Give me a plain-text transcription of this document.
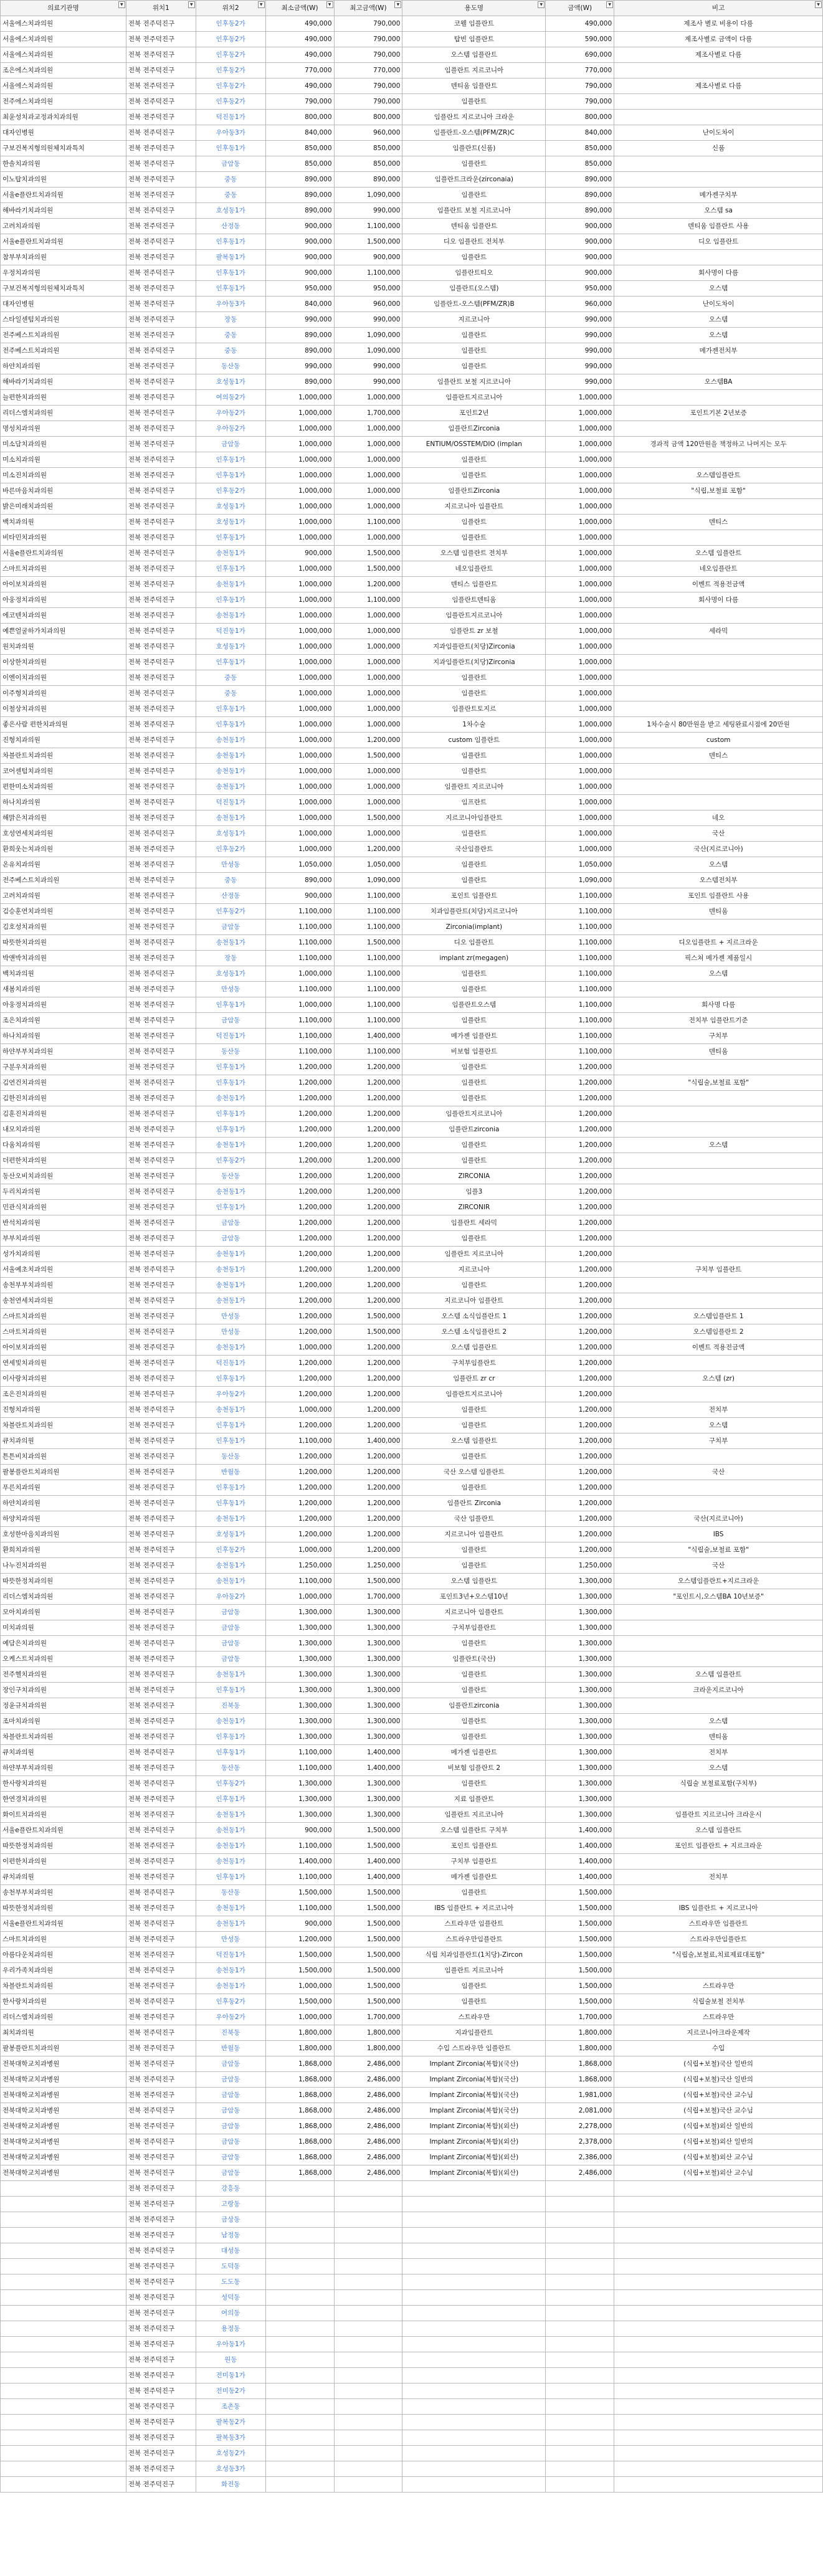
의료기관명 ▼	위치1 ▼	위치2 ▼	최소금액(W) ▼	최고금액(W) ▼	용도명 ▼	금액(W) ▼	비고 ▼

서울에스치과의원	전북 전주덕진구	인후동2가	490,000	790,000	코웰 임플란트	490,000	제조사 별로 비용이 다름
서울에스치과의원	전북 전주덕진구	인후동2가	490,000	790,000	탑빈 임플란트	590,000	제조사별로 금액이 다름
서울에스치과의원	전북 전주덕진구	인후동2가	490,000	790,000	오스템 임플란트	690,000	제조사별로 다름
조은에스치과의원	전북 전주덕진구	인후동2가	770,000	770,000	임플란트 지르코니아	770,000	
서울에스치과의원	전북 전주덕진구	인후동2가	490,000	790,000	덴티움 임플란트	790,000	제조사별로 다름
전주에스치과의원	전북 전주덕진구	인후동2가	790,000	790,000	임플란트	790,000	
최윤성치과교정과치과의원	전북 전주덕진구	덕진동1가	800,000	800,000	임플란트 지르코니아 크라운	800,000	
대자인병원	전북 전주덕진구	우아동3가	840,000	960,000	임플란트-오스템(PFM/ZR)C	840,000	난이도차이
구보건복지형의원체치과특치	전북 전주덕진구	인후동1가	850,000	850,000	임플란트(신품)	850,000	신품
한솔치과의원	전북 전주덕진구	금암동	850,000	850,000	임플란트	850,000	
이노탑치과의원	전북 전주덕진구	중동	890,000	890,000	임플란트크라운(zirconaia)	890,000	
서울e플란트치과의원	전북 전주덕진구	중동	890,000	1,090,000	임플란트	890,000	메가젠구치부
해바라기치과의원	전북 전주덕진구	호성동1가	890,000	990,000	임플란트 보철 지르코니아	890,000	오스템 sa
고려치과의원	전북 전주덕진구	산정동	900,000	1,100,000	덴티움 임플란트	900,000	덴티움 임플란트 사용
서울e플란트치과의원	전북 전주덕진구	인후동1가	900,000	1,500,000	디오 임플란트 전치부	900,000	디오 임플란트
참부부치과의원	전북 전주덕진구	팔복동1가	900,000	900,000	임플란트	900,000	
우정치과의원	전북 전주덕진구	인후동1가	900,000	1,100,000	임플란트티오	900,000	회사명이 다름
구보건복지형의원체치과특치	전북 전주덕진구	인후동1가	950,000	950,000	임플란트(오스템)	950,000	오스템
대자인병원	전북 전주덕진구	우아동3가	840,000	960,000	임플란트-오스템(PFM/ZR)B	960,000	난이도차이
스타일센텀치과의원	전북 전주덕진구	장동	990,000	990,000	지르코니아	990,000	오스템
전주베스트치과의원	전북 전주덕진구	중동	890,000	1,090,000	임플란트	990,000	오스템
전주베스트치과의원	전북 전주덕진구	중동	890,000	1,090,000	임플란트	990,000	메가젠전치부
하얀치과의원	전북 전주덕진구	동산동	990,000	990,000	임플란트	990,000	
해바라기치과의원	전북 전주덕진구	호성동1가	890,000	990,000	임플란트 보철 지르코니아	990,000	오스템BA
늘편한치과의원	전북 전주덕진구	여의동2가	1,000,000	1,000,000	임플란트지르코니아	1,000,000	
리더스엠치과의원	전북 전주덕진구	우아동2가	1,000,000	1,700,000	포인트2년	1,000,000	포인트기본 2년보증
명성치과의원	전북 전주덕진구	우아동2가	1,000,000	1,000,000	임플란트Zirconia	1,000,000	
미소담치과의원	전북 전주덕진구	금암동	1,000,000	1,000,000	ENTIUM/OSSTEM/DIO (implan	1,000,000	경과적 금액 120만원을 책정하고 나머지는 모두
미소치과의원	전북 전주덕진구	인후동1가	1,000,000	1,000,000	임플란트	1,000,000	
미소진치과의원	전북 전주덕진구	인후동1가	1,000,000	1,000,000	임플란트	1,000,000	오스템임플란트
바른마음치과의원	전북 전주덕진구	인후동2가	1,000,000	1,000,000	임플란트Zirconia	1,000,000	"식립,보철료 포함"
밝은미래치과의원	전북 전주덕진구	호성동1가	1,000,000	1,000,000	지르코니아 임플란트	1,000,000	
백치과의원	전북 전주덕진구	호성동1가	1,000,000	1,100,000	임플란트	1,000,000	덴티스
비타민치과의원	전북 전주덕진구	인후동1가	1,000,000	1,000,000	임플란트	1,000,000	
서울e플란트치과의원	전북 전주덕진구	송천동1가	900,000	1,500,000	오스템 임플란트 전치부	1,000,000	오스템 임플란트
스마트치과의원	전북 전주덕진구	인후동1가	1,000,000	1,500,000	네오임플란트	1,000,000	네오임플란트
아이보치과의원	전북 전주덕진구	송천동1가	1,000,000	1,200,000	덴티스 임플란트	1,000,000	이벤트 적용전금액
아웅정치과의원	전북 전주덕진구	인후동1가	1,000,000	1,100,000	임플란트덴티움	1,000,000	회사명이 다름
에코텐치과의원	전북 전주덕진구	송천동1가	1,000,000	1,000,000	임플란트지르코니아	1,000,000	
예쁜얼굴하가치과의원	전북 전주덕진구	덕진동1가	1,000,000	1,000,000	임플란트 zr 보철	1,000,000	세라믹
원치과의원	전북 전주덕진구	호성동1가	1,000,000	1,000,000	지과임플란트(치당)Zirconia	1,000,000	
이상한치과의원	전북 전주덕진구	인후동1가	1,000,000	1,000,000	지과임플란트(치당)Zirconia	1,000,000	
이엔이치과의원	전북 전주덕진구	중동	1,000,000	1,000,000	임플란트	1,000,000	
이주형치과의원	전북 전주덕진구	중동	1,000,000	1,000,000	임플란트	1,000,000	
이철상치과의원	전북 전주덕진구	인후동1가	1,000,000	1,000,000	임플란트토지르	1,000,000	
좋은사람 편한치과의원	전북 전주덕진구	인후동1가	1,000,000	1,000,000	1차수술	1,000,000	1차수술시 80만원을 받고 세팅완료시점에 20만원
진형치과의원	전북 전주덕진구	송천동1가	1,000,000	1,200,000	custom 임플란트	1,000,000	custom
차블란트치과의원	전북 전주덕진구	송천동1가	1,000,000	1,500,000	임플란트	1,000,000	덴티스
코어센텀치과의원	전북 전주덕진구	송천동1가	1,000,000	1,000,000	임플란트	1,000,000	
편한미소치과의원	전북 전주덕진구	송천동1가	1,000,000	1,000,000	임플란트 지르코니아	1,000,000	
하나치과의원	전북 전주덕진구	덕진동1가	1,000,000	1,000,000	임프란트	1,000,000	
해맑은치과의원	전북 전주덕진구	송천동1가	1,000,000	1,500,000	지르코니아임플란트	1,000,000	네오
호성연세치과의원	전북 전주덕진구	호성동1가	1,000,000	1,000,000	임플란트	1,000,000	국산
환희웃는치과의원	전북 전주덕진구	인후동2가	1,000,000	1,200,000	국산임플란트	1,000,000	국산(지르코니아)
온유치과의원	전북 전주덕진구	만성동	1,050,000	1,050,000	임플란트	1,050,000	오스템
전주베스트치과의원	전북 전주덕진구	중동	890,000	1,090,000	임플란트	1,090,000	오스템전치부
고려치과의원	전북 전주덕진구	산정동	900,000	1,100,000	포인트 임플란트	1,100,000	포인트 임플란트 사용
김승훈연치과의원	전북 전주덕진구	인후동2가	1,100,000	1,100,000	치과임플란트(치당)지르코니아	1,100,000	덴티움
김호성치과의원	전북 전주덕진구	금암동	1,100,000	1,100,000	Zirconia(implant)	1,100,000	
따뜻한치과의원	전북 전주덕진구	송천동1가	1,100,000	1,500,000	디오 임플란트	1,100,000	디오임플란트 + 지르크라운
박앤박치과의원	전북 전주덕진구	장동	1,100,000	1,100,000	implant zr(megagen)	1,100,000	픽스쳐 메가젠 제품일시
백치과의원	전북 전주덕진구	호성동1가	1,000,000	1,100,000	임플란트	1,100,000	오스템
새봄치과의원	전북 전주덕진구	만성동	1,100,000	1,100,000	임플란트	1,100,000	
아웅정치과의원	전북 전주덕진구	인후동1가	1,000,000	1,100,000	임플란트오스템	1,100,000	회사명 다름
조은치과의원	전북 전주덕진구	금암동	1,100,000	1,100,000	임플란트	1,100,000	전치부 임플란트기준
하나치과의원	전북 전주덕진구	덕진동1가	1,100,000	1,400,000	메가젠 임플란트	1,100,000	구치부
하얀부부치과의원	전북 전주덕진구	동산동	1,100,000	1,100,000	비보험 임플란트	1,100,000	덴티움
구분우치과의원	전북 전주덕진구	인후동1가	1,200,000	1,200,000	임플란트	1,200,000	
김연건치과의원	전북 전주덕진구	인후동1가	1,200,000	1,200,000	임플란트	1,200,000	"식립술,보철료 포함"
김한진치과의원	전북 전주덕진구	송천동1가	1,200,000	1,200,000	임플란트	1,200,000	
김훈진치과의원	전북 전주덕진구	인후동1가	1,200,000	1,200,000	임플란트지르코니아	1,200,000	
내모치과의원	전북 전주덕진구	인후동1가	1,200,000	1,200,000	임플란트zirconia	1,200,000	
다움치과의원	전북 전주덕진구	송천동1가	1,200,000	1,200,000	임플란트	1,200,000	오스템
더편한치과의원	전북 전주덕진구	인후동2가	1,200,000	1,200,000	임플란트	1,200,000	
동산오비치과의원	전북 전주덕진구	동산동	1,200,000	1,200,000	ZIRCONIA	1,200,000	
두리치과의원	전북 전주덕진구	송천동1가	1,200,000	1,200,000	임플3	1,200,000	
민관식치과의원	전북 전주덕진구	인후동1가	1,200,000	1,200,000	ZIRCONIR	1,200,000	
반석치과의원	전북 전주덕진구	금암동	1,200,000	1,200,000	임플란트 세라믹	1,200,000	
부부치과의원	전북 전주덕진구	금암동	1,200,000	1,200,000	임플란트	1,200,000	
성가치과의원	전북 전주덕진구	송천동1가	1,200,000	1,200,000	임플란트 지르코니아	1,200,000	
서울예초치과의원	전북 전주덕진구	송천동1가	1,200,000	1,200,000	지르코니아	1,200,000	구치부 임플란트
송천부부치과의원	전북 전주덕진구	송천동1가	1,200,000	1,200,000	임플란트	1,200,000	
송천연세치과의원	전북 전주덕진구	송천동1가	1,200,000	1,200,000	지르코니아 임플란트	1,200,000	
스마트치과의원	전북 전주덕진구	만성동	1,200,000	1,500,000	오스템 소식임플란트 1	1,200,000	오스템임플란트 1
스마트치과의원	전북 전주덕진구	만성동	1,200,000	1,500,000	오스템 소식임플란트 2	1,200,000	오스템임플란트 2
아이보치과의원	전북 전주덕진구	송천동1가	1,000,000	1,200,000	오스템 임플란트	1,200,000	이벤트 적용전금액
연세빛치과의원	전북 전주덕진구	덕진동1가	1,200,000	1,200,000	구치부임플란트	1,200,000	
이사랑치과의원	전북 전주덕진구	인후동1가	1,200,000	1,200,000	임플란트 zr cr	1,200,000	오스템 (zr)
조은진치과의원	전북 전주덕진구	우아동2가	1,200,000	1,200,000	임플란트지르코니아	1,200,000	
진형치과의원	전북 전주덕진구	송천동1가	1,000,000	1,200,000	임플란트	1,200,000	전치부
차블란트치과의원	전북 전주덕진구	인후동1가	1,200,000	1,200,000	임플란트	1,200,000	오스템
큐치과의원	전북 전주덕진구	인후동1가	1,100,000	1,400,000	오스템 임플란트	1,200,000	구치부
튼튼비치과의원	전북 전주덕진구	동산동	1,200,000	1,200,000	임플란트	1,200,000	
팔봉플란트치과의원	전북 전주덕진구	반월동	1,200,000	1,200,000	국산 오스템 임플란트	1,200,000	국산
푸른치과의원	전북 전주덕진구	인후동1가	1,200,000	1,200,000	임플란트	1,200,000	
하얀치과의원	전북 전주덕진구	인후동1가	1,200,000	1,200,000	임플란트 Zirconia	1,200,000	
하양치과의원	전북 전주덕진구	송천동1가	1,200,000	1,200,000	국산 임플란트	1,200,000	국산(지르코니아)
호성한마음치과의원	전북 전주덕진구	호성동1가	1,200,000	1,200,000	지르코니아 임플란트	1,200,000	IBS
환희치과의원	전북 전주덕진구	인후동2가	1,000,000	1,200,000	임플란트	1,200,000	"식립술,보철료 포함"
나누진치과의원	전북 전주덕진구	송천동1가	1,250,000	1,250,000	임플란트	1,250,000	국산
따뜻한정치과의원	전북 전주덕진구	송천동1가	1,100,000	1,500,000	오스템 임플란트	1,300,000	오스템임플란트+지르크라운
리더스엠치과의원	전북 전주덕진구	우아동2가	1,000,000	1,700,000	포인트3년+오스템10년	1,300,000	"포인트시,오스템BA 10년보증"
모아치과의원	전북 전주덕진구	금암동	1,300,000	1,300,000	지르코니아 임플란트	1,300,000	
미치과의원	전북 전주덕진구	금암동	1,300,000	1,300,000	구치부임플란트	1,300,000	
예담은치과의원	전북 전주덕진구	금암동	1,300,000	1,300,000	임플란트	1,300,000	
오케스트치과의원	전북 전주덕진구	금암동	1,300,000	1,300,000	임플란트(국산)	1,300,000	
전주헬치과의원	전북 전주덕진구	송천동1가	1,300,000	1,300,000	임플란트	1,300,000	오스템 임플란트
장인구치과의원	전북 전주덕진구	인후동1가	1,300,000	1,300,000	임플란트	1,300,000	크라운지르코니아
정윤규치과의원	전북 전주덕진구	진북동	1,300,000	1,300,000	임플란트zirconia	1,300,000	
조마치과의원	전북 전주덕진구	송천동1가	1,300,000	1,300,000	임플란트	1,300,000	오스템
차블란트치과의원	전북 전주덕진구	인후동1가	1,300,000	1,300,000	임플란트	1,300,000	덴티움
큐치과의원	전북 전주덕진구	인후동1가	1,100,000	1,400,000	메가젠 임플란트	1,300,000	전치부
하얀부부치과의원	전북 전주덕진구	동산동	1,100,000	1,400,000	비보험 임플란트 2	1,300,000	오스템
한사랑치과의원	전북 전주덕진구	인후동2가	1,300,000	1,300,000	임플란트	1,300,000	식립술 보철료포함(구치부)
한연경치과의원	전북 전주덕진구	인후동1가	1,300,000	1,300,000	지료 임플란트	1,300,000	
화이트치과의원	전북 전주덕진구	송천동1가	1,300,000	1,300,000	임플란트 지르코니아	1,300,000	임플란트 지르코니아 크라운시
서울e플란트치과의원	전북 전주덕진구	송천동1가	900,000	1,500,000	오스템 임플란트 구치부	1,400,000	오스템 임플란트
따뜻한정치과의원	전북 전주덕진구	송천동1가	1,100,000	1,500,000	포인트 임플란트	1,400,000	포인트 임플란트 + 지르크라운
이편한치과의원	전북 전주덕진구	송천동1가	1,400,000	1,400,000	구치부 임플란트	1,400,000	
큐치과의원	전북 전주덕진구	인후동1가	1,100,000	1,400,000	메가젠 임플란트	1,400,000	전치부
송천부부치과의원	전북 전주덕진구	동산동	1,500,000	1,500,000	임플란트	1,500,000	
따뜻한정치과의원	전북 전주덕진구	송천동1가	1,100,000	1,500,000	IBS 임플란트 + 지르코니아	1,500,000	IBS 임플란트 + 지르코니아
서울e플란트치과의원	전북 전주덕진구	송천동1가	900,000	1,500,000	스트라우만 임플란트	1,500,000	스트라우만 임플란트
스마트치과의원	전북 전주덕진구	만성동	1,200,000	1,500,000	스트라우만임플란트	1,500,000	스트라우만임플란트
아름다운치과의원	전북 전주덕진구	덕진동1가	1,500,000	1,500,000	식립 치과임플란트(1치당)-Zircon	1,500,000	"식립술,보철료,치료제료대포함"
우리가족치과의원	전북 전주덕진구	송천동1가	1,500,000	1,500,000	임플란트 지르코니아	1,500,000	
차블란트치과의원	전북 전주덕진구	송천동1가	1,000,000	1,500,000	임플란트	1,500,000	스트라우만
한사랑치과의원	전북 전주덕진구	인후동2가	1,500,000	1,500,000	임플란트	1,500,000	식립술보철 전치부
리더스엠치과의원	전북 전주덕진구	우아동2가	1,000,000	1,700,000	스트라우만	1,700,000	스트라우만
최치과의원	전북 전주덕진구	진북동	1,800,000	1,800,000	지과임플란트	1,800,000	지르코니아크라운제작
팔봉플란트치과의원	전북 전주덕진구	반월동	1,800,000	1,800,000	수입 스트라우만 임플란트	1,800,000	수입
전북대학교치과병원	전북 전주덕진구	금암동	1,868,000	2,486,000	Implant Zirconia(복합)(국산)	1,868,000	(식립+보철)국산 일반의
전북대학교치과병원	전북 전주덕진구	금암동	1,868,000	2,486,000	Implant Zirconia(복합)(국산)	1,868,000	(식립+보철)국산 일반의
전북대학교치과병원	전북 전주덕진구	금암동	1,868,000	2,486,000	Implant Zirconia(복합)(국산)	1,981,000	(식립+보철)국산 교수님
전북대학교치과병원	전북 전주덕진구	금암동	1,868,000	2,486,000	Implant Zirconia(복합)(국산)	2,081,000	(식립+보철)국산 교수님
전북대학교치과병원	전북 전주덕진구	금암동	1,868,000	2,486,000	Implant Zirconia(복합)(외산)	2,278,000	(식립+보철)외산 일반의
전북대학교치과병원	전북 전주덕진구	금암동	1,868,000	2,486,000	Implant Zirconia(복합)(외산)	2,378,000	(식립+보철)외산 일반의
전북대학교치과병원	전북 전주덕진구	금암동	1,868,000	2,486,000	Implant Zirconia(복합)(외산)	2,386,000	(식립+보철)외산 교수님
전북대학교치과병원	전북 전주덕진구	금암동	1,868,000	2,486,000	Implant Zirconia(복합)(외산)	2,486,000	(식립+보철)외산 교수님
	전북 전주덕진구	강흥동					
	전북 전주덕진구	고랑동					
	전북 전주덕진구	금상동					
	전북 전주덕진구	남정동					
	전북 전주덕진구	대성동					
	전북 전주덕진구	도덕동					
	전북 전주덕진구	도도동					
	전북 전주덕진구	성덕동					
	전북 전주덕진구	여의동					
	전북 전주덕진구	용정동					
	전북 전주덕진구	우아동1가					
	전북 전주덕진구	원동					
	전북 전주덕진구	전미동1가					
	전북 전주덕진구	전미동2가					
	전북 전주덕진구	조촌동					
	전북 전주덕진구	팔복동2가					
	전북 전주덕진구	팔복동3가					
	전북 전주덕진구	호성동2가					
	전북 전주덕진구	호성동3가					
	전북 전주덕진구	화전동					
